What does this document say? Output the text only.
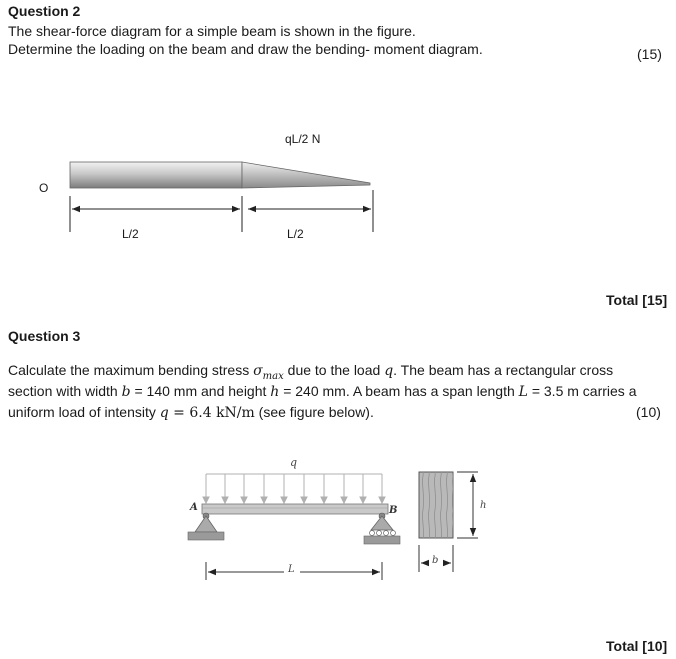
Question 2
The shear-force diagram for a simple beam is shown in the figure.
Determine the loading on the beam and draw the bending- moment diagram.	(15)
qL/2 N
O
L/2	L/2
Total [15]
Question 3
Calculate the maximum bending stress $\sigma_{max}$ due to the load q. The beam has a rectangular cross
section with width b = 140 mm and height h = 240 mm. A beam has a span length L = 3.5 m carries a
uniform load of intensity q = 6.4 kN/m (see figure below).	(10)
q
A	B
L
b
h
Total [10]
